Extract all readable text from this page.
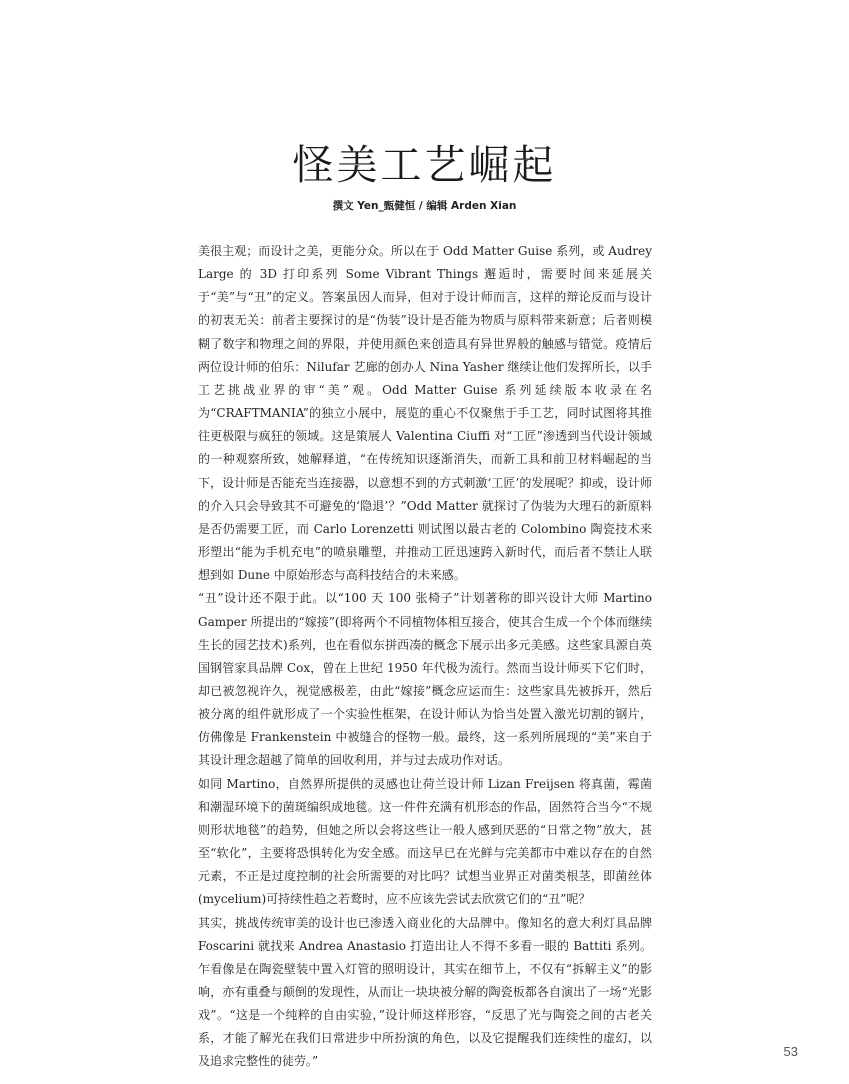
怪美工艺崛起

撰文 Yen_甄健恒 / 编辑 Arden Xian

美很主观；而设计之美，更能分众。所以在于 Odd Matter Guise 系列，或 Audrey Large 的 3D 打印系列 Some Vibrant Things 邂逅时，需要时间来延展关于“美”与“丑”的定义。答案虽因人而异，但对于设计师而言，这样的辩论反而与设计的初衷无关：前者主要探讨的是“伪装”设计是否能为物质与原料带来新意；后者则模糊了数字和物理之间的界限，并使用颜色来创造具有异世界般的触感与错觉。疫情后两位设计师的伯乐：Nilufar 艺廊的创办人 Nina Yasher 继续让他们发挥所长，以手工艺挑战业界的审“美”观。Odd Matter Guise 系列延续版本收录在名为“CRAFTMANIA”的独立小展中，展览的重心不仅聚焦于手工艺，同时试图将其推往更极限与疯狂的领域。这是策展人 Valentina Ciuffi 对“工匠”渗透到当代设计领域的一种观察所致，她解释道，“在传统知识逐渐消失，而新工具和前卫材料崛起的当下，设计师是否能充当连接器，以意想不到的方式刺激‘工匠’的发展呢？抑或，设计师的介入只会导致其不可避免的‘隐退’？”Odd Matter 就探讨了伪装为大理石的新原料是否仍需要工匠，而 Carlo Lorenzetti 则试图以最古老的 Colombino 陶瓷技术来形塑出“能为手机充电”的喷泉雕塑，并推动工匠迅速跨入新时代，而后者不禁让人联想到如 Dune 中原始形态与高科技结合的未来感。

“丑”设计还不限于此。以“100 天 100 张椅子”计划著称的即兴设计大师 Martino Gamper 所提出的“嫁接”(即将两个不同植物体相互接合，使其合生成一个个体而继续生长的园艺技术)系列，也在看似东拼西凑的概念下展示出多元美感。这些家具源自英国钢管家具品牌 Cox，曾在上世纪 1950 年代极为流行。然而当设计师买下它们时，却已被忽视许久，视觉感极差，由此“嫁接”概念应运而生：这些家具先被拆开，然后被分离的组件就形成了一个实验性框架，在设计师认为恰当处置入激光切割的钢片，仿佛像是 Frankenstein 中被缝合的怪物一般。最终，这一系列所展现的“美”来自于其设计理念超越了简单的回收利用，并与过去成功作对话。

如同 Martino，自然界所提供的灵感也让荷兰设计师 Lizan Freijsen 将真菌，霉菌和潮湿环境下的菌斑编织成地毯。这一件件充满有机形态的作品，固然符合当今“不规则形状地毯”的趋势，但她之所以会将这些让一般人感到厌恶的“日常之物”放大，甚至“软化”，主要将恐惧转化为安全感。而这早已在光鲜与完美都市中难以存在的自然元素，不正是过度控制的社会所需要的对比吗？试想当业界正对菌类根茎，即菌丝体(mycelium)可持续性趋之若鹜时，应不应该先尝试去欣赏它们的“丑”呢？

其实，挑战传统审美的设计也已渗透入商业化的大品牌中。像知名的意大利灯具品牌 Foscarini 就找来 Andrea Anastasio 打造出让人不得不多看一眼的 Battiti 系列。乍看像是在陶瓷壁装中置入灯管的照明设计，其实在细节上，不仅有“拆解主义”的影响，亦有重叠与颠倒的发现性，从而让一块块被分解的陶瓷板都各自演出了一场“光影戏”。“这是一个纯粹的自由实验，”设计师这样形容，“反思了光与陶瓷之间的古老关系，才能了解光在我们日常进步中所扮演的角色，以及它提醒我们连续性的虚幻，以及追求完整性的徒劳。”

53
